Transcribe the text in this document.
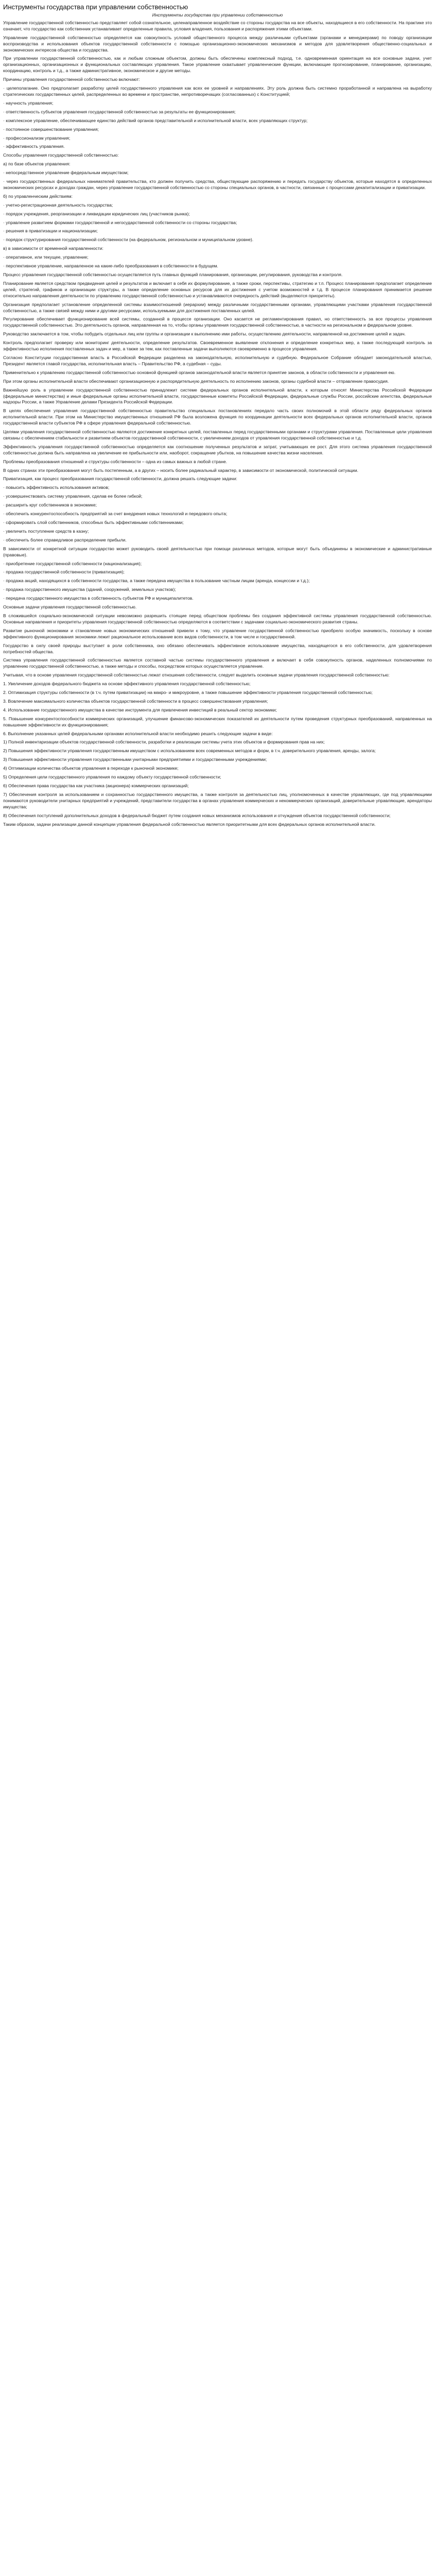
Инструменты государства при управлении собственностью
Инструменты государства при управлении собственностью

Управление государственной собственностью представляет собой сознательное, целенаправленное воздействие со стороны государства на все объекты, находящиеся в его собственности. На практике это означает, что государство как собственник устанавливает определенные правила, условия владения, пользования и распоряжения этими объектами.

Управление государственной собственностью определяется как совокупность условий общественного процесса между различными субъектами (органами и менеджерами) по поводу организации воспроизводства и использования объектов государственной собственности с помощью организационно-экономических механизмов и методов для удовлетворения общественно-социальных и экономических интересов общества и государства.

При управлении государственной собственностью, как и любым сложным объектом, должны быть обеспечены комплексный подход, т.е. одновременная ориентация на все основные задачи, учет организационных, организационных и функциональных составляющих управления. Такое управление охватывает управленческие функции, включающие прогнозирование, планирование, организацию, координацию, контроль и т.д., а также административное, экономическое и другие методы.

Причины управления государственной собственностью включают:

· целеполагание. Оно предполагает разработку целей государственного управления как всех ее уровней и направлениях. Эту роль должна быть системно проработанной и направлена на выработку стратегических государственных целей, распределенных во времени и пространстве, непротиворечащих (согласованных) с Конституцией;

· научность управления;

· ответственность субъектов управления государственной собственностью за результаты ее функционирования;

· комплексное управление, обеспечивающее единство действий органов представительной и исполнительной власти, всех управляющих структур;

· постоянное совершенствование управления;

· профессионализм управления;

· эффективность управления.

Способы управления государственной собственностью:

a) по базе объектов управления:

· непосредственное управление федеральным имуществом;

· через государственных федеральных нанимателей правительства, кто должен получить средства, обществующие распоряжению и передать государству объектов, которые находятся в определенных экономических ресурсах и доходах граждан, через управление государственной собственностью со стороны специальных органов, в частности, связанные с процессами декапитализации и приватизации.

б) по управленческим действиям:

· учетно-регистрационная деятельность государства;

· порядок учреждения, реорганизации и ликвидации юридических лиц (участников рынка);

· управление развитием формами государственной и негосударственной собственности со стороны государства;

· решения в приватизации и национализации;

· порядок структурирования государственной собственности (на федеральном, региональном и муниципальном уровне).

в) в зависимости от временной направленности:

· оперативное, или текущее, управление;

· перспективное управление, направленное на какие-либо преобразования в собственности в будущем.

Процесс управления государственной собственностью осуществляется путь главных функций планирования, организации, регулирования, руководства и контроля.

Планирование является средством предвидения целей и результатов и включает в себя их формулирование, а также сроки, перспективы, стратегию и т.п. Процесс планирования предполагает определение целей, стратегий, графиков и организации структуры, а также определение основных ресурсов для их достижения с учетом возможностей и т.д. В процессе планирования принимается решение относительно направления деятельности по управлению государственной собственностью и устанавливаются очередность действий (выделяются приоритеты).

Организация предполагает установление определенной системы взаимоотношений (иерархии) между различными государственными органами, управляющими участками управления государственной собственностью, а также связей между ними и другими ресурсами, используемыми для достижения поставленных целей.

Регулирование обеспечивает функционирование всей системы, созданной в процессе организации. Оно касается не регламентирования правил, но ответственность за все процессы управления государственной собственностью. Это деятельность органов, направленная на то, чтобы органы управления государственной собственностью, в частности на региональном и федеральном уровне.

Руководство заключается в том, чтобы побудить отдельных лиц или группы и организации к выполнению ими работы, осуществлению деятельности, направленной на достижение целей и задач.

Контроль предполагает проверку или мониторинг деятельности, определение результатов. Своевременное выявление отклонения и определение конкретных мер, а также последующий контроль за эффективностью исполнения поставленных задач и мер, а также за тем, как поставленные задачи выполняются своевременно в процессе управления.

Согласно Конституции государственная власть в Российской Федерации разделена на законодательную, исполнительную и судебную. Федеральное Собрание обладает законодательной властью, Президент является главой государства, исполнительная власть – Правительство РФ, а судебная – суды.

Применительно к управлению государственной собственностью основной функцией органов законодательной власти является принятие законов, в области собственности и управления ею.

При этом органы исполнительной власти обеспечивают организационную и распорядительную деятельность по исполнению законов, органы судебной власти – отправление правосудия.

Важнейшую роль в управлении государственной собственностью принадлежит системе федеральных органов исполнительной власти, к которым относят Министерства Российской Федерации (федеральные министерства) и иные федеральные органы исполнительной власти, государственные комитеты Российской Федерации, федеральные службы России, российские агентства, федеральные надзоры России, а также Управление делами Президента Российской Федерации.

В целях обеспечения управления государственной собственностью правительство специальных постановлениях передало часть своих полномочий в этой области ряду федеральных органов исполнительной власти. При этом на Министерство имущественных отношений РФ была возложена функция по координации деятельности всех федеральных органов исполнительной власти, органов государственной власти субъектов РФ в сфере управления федеральной собственностью.

Целями управления государственной собственностью являются достижение конкретных целей, поставленных перед государственными органами и структурами управления. Поставленные цели управления связаны с обеспечением стабильности и развитием объектов государственной собственности, с увеличением доходов от управления государственной собственностью и т.д.

Эффективность управления государственной собственностью определяется как соотношение полученных результатов и затрат, учитывающих ее рост. Для этого система управления государственной собственностью должна быть направлена на увеличение ее прибыльности или, наоборот, сокращение убытков, на повышение качества жизни населения.

Проблемы преобразования отношений и структуры собственности – одна из самых важных в любой стране.

В одних странах эти преобразования могут быть постепенным, а в других – носить более радикальный характер, в зависимости от экономической, политической ситуации.

Приватизация, как процесс преобразования государственной собственности, должна решать следующие задачи:

· повысить эффективность использования активов;

· усовершенствовать систему управления, сделав ее более гибкой;

· расширить круг собственников в экономике;

· обеспечить конкурентоспособность предприятий за счет внедрения новых технологий и передового опыта;

· сформировать слой собственников, способных быть эффективными собственниками;

· увеличить поступление средств в казну;

· обеспечить более справедливое распределение прибыли.

В зависимости от конкретной ситуации государство может руководить своей деятельностью при помощи различных методов, которые могут быть объединены в экономические и административные (правовые).

· приобретение государственной собственности (национализация);

· продажа государственной собственности (приватизация);

· продажа акций, находящихся в собственности государства, а также передача имущества в пользование частным лицам (аренда, концессии и т.д.);

· продажа государственного имущества (зданий, сооружений, земельных участков);

· передача государственного имущества в собственность субъектов РФ и муниципалитетов.

Основные задачи управления государственной собственностью.

В сложившейся социально-экономической ситуации невозможно разрешить стоящие перед обществом проблемы без создания эффективной системы управления государственной собственностью. Основные направления и приоритеты управления государственной собственностью определяются в соответствии с задачами социально-экономического развития страны.

Развитие рыночной экономики и становление новых экономических отношений привели к тому, что управление государственной собственностью приобрело особую значимость, поскольку в основе эффективного функционирования экономики лежит рациональное использование всех видов собственности, в том числе и государственной.

Государство в силу своей природы выступает в роли собственника, оно обязано обеспечивать эффективное использование имущества, находящегося в его собственности, для удовлетворения потребностей общества.

Система управления государственной собственностью является составной частью системы государственного управления и включает в себя совокупность органов, наделенных полномочиями по управлению государственной собственностью, а также методы и способы, посредством которых осуществляется управление.

Учитывая, что в основе управления государственной собственностью лежат отношения собственности, следует выделить основные задачи управления государственной собственностью:

1. Увеличение доходов федерального бюджета на основе эффективного управления государственной собственностью;

2. Оптимизация структуры собственности (в т.ч. путем приватизации) на макро- и микроуровне, а также повышение эффективности управления государственной собственностью;

3. Вовлечение максимального количества объектов государственной собственности в процесс совершенствования управления;

4. Использование государственного имущества в качестве инструмента для привлечения инвестиций в реальный сектор экономики;

5. Повышение конкурентоспособности коммерческих организаций, улучшение финансово-экономических показателей их деятельности путем проведения структурных преобразований, направленных на повышение эффективности их функционирования;

6. Выполнение указанных целей федеральными органами исполнительной власти необходимо решить следующие задачи в виде:

1) Полной инвентаризации объектов государственной собственности, разработки и реализации системы учета этих объектов и формирования прав на них;

2) Повышения эффективности управления государственным имуществом с использованием всех современных методов и форм, в т.ч. доверительного управления, аренды, залога;

3) Повышения эффективности управления государственными унитарными предприятиями и государственными учреждениями;

4) Оптимизации количества объектов управления в переходе к рыночной экономике;

5) Определения цели государственного управления по каждому объекту государственной собственности;

6) Обеспечения права государства как участника (акционера) коммерческих организаций;

7) Обеспечения контроля за использованием и сохранностью государственного имущества, а также контроля за деятельностью лиц, уполномоченных в качестве управляющих, где под управляющими понимаются руководители унитарных предприятий и учреждений, представители государства в органах управления коммерческих и некоммерческих организаций, доверительные управляющие, арендаторы имущества;

8) Обеспечения поступлений дополнительных доходов в федеральный бюджет путем создания новых механизмов использования и отчуждения объектов государственной собственности;

Таким образом, задачи реализации данной концепции управления федеральной собственностью является приоритетными для всех федеральных органов исполнительной власти.
